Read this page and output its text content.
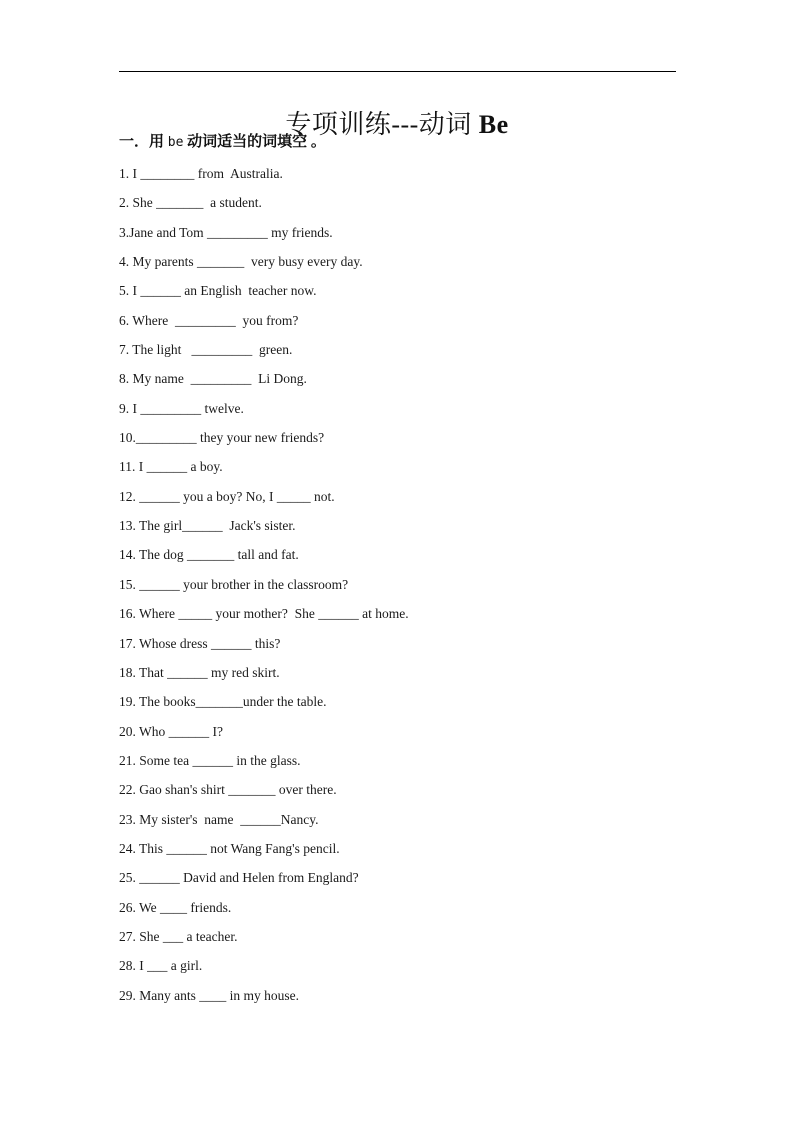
专项训练---动词 Be
一．用 be 动词适当的词填空 。
1. I ________ from  Australia.
2. She _______  a student.
3.Jane and Tom _________ my friends.
4. My parents _______  very busy every day.
5. I ______ an English  teacher now.
6. Where  _________  you from?
7. The light   _________  green.
8. My name  _________  Li Dong.
9. I _________ twelve.
10._________ they your new friends?
11. I ______ a boy.
12. ______ you a boy? No, I _____ not.
13. The girl______  Jack's sister.
14. The dog _______ tall and fat.
15. ______ your brother in the classroom?
16. Where _____ your mother?  She ______ at home.
17. Whose dress ______ this?
18. That ______ my red skirt.
19. The books_______under the table.
20. Who ______ I?
21. Some tea ______ in the glass.
22. Gao shan's shirt _______ over there.
23. My sister's  name  ______Nancy.
24. This ______ not Wang Fang's pencil.
25. ______ David and Helen from England?
26. We ____ friends.
27. She ___ a teacher.
28. I ___ a girl.
29. Many ants ____ in my house.
